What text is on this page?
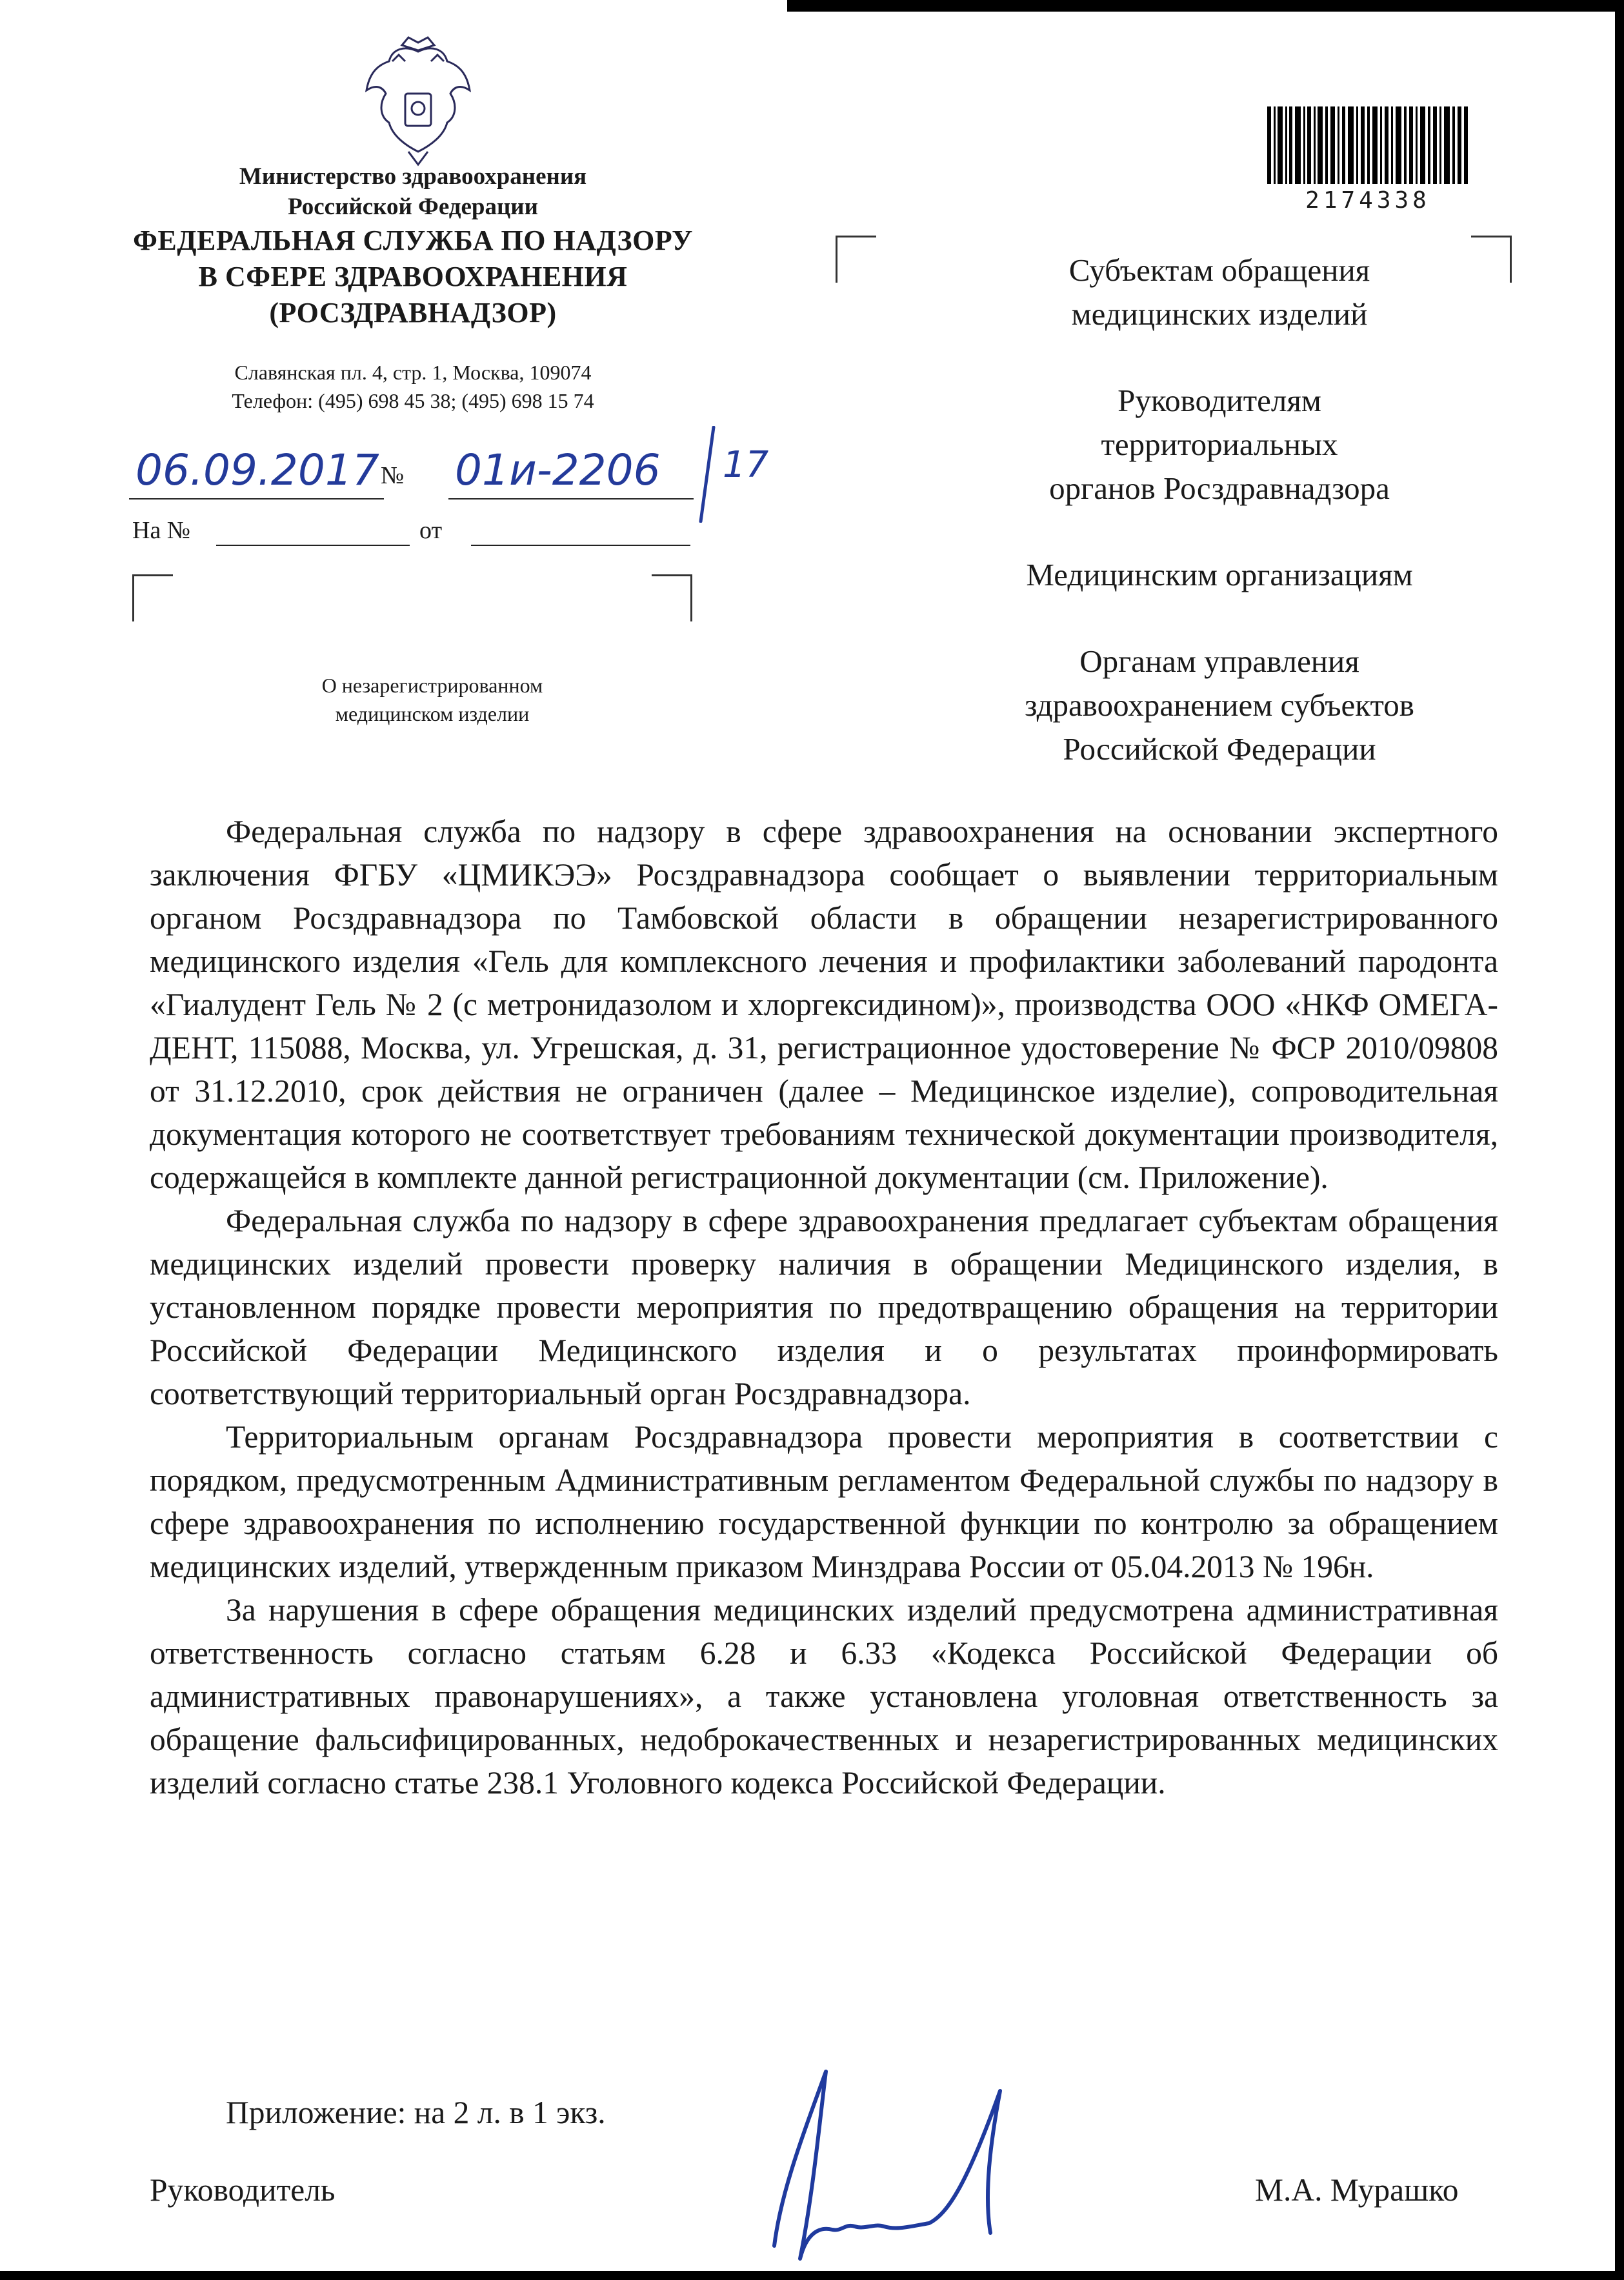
Министерство здравоохранения
Российской Федерации
ФЕДЕРАЛЬНАЯ СЛУЖБА ПО НАДЗОРУ
В СФЕРЕ ЗДРАВООХРАНЕНИЯ
(РОСЗДРАВНАДЗОР)
Славянская пл. 4, стр. 1, Москва, 109074
Телефон: (495) 698 45 38; (495) 698 15 74
06.09.2017 № 01и-2206 17
На №	от
О незарегистрированном
медицинском изделии
2174338
Субъектам обращения
медицинских изделий
Руководителям
территориальных
органов Росздравнадзора
Медицинским организациям
Органам управления
здравоохранением субъектов
Российской Федерации

Федеральная служба по надзору в сфере здравоохранения на основании экспертного заключения ФГБУ «ЦМИКЭЭ» Росздравнадзора сообщает о выявлении территориальным органом Росздравнадзора по Тамбовской области в обращении незарегистрированного медицинского изделия «Гель для комплексного лечения и профилактики заболеваний пародонта «Гиалудент Гель № 2 (с метронидазолом и хлоргексидином)», производства ООО «НКФ ОМЕГА-ДЕНТ, 115088, Москва, ул. Угрешская, д. 31, регистрационное удостоверение № ФСР 2010/09808 от 31.12.2010, срок действия не ограничен (далее – Медицинское изделие), сопроводительная документация которого не соответствует требованиям технической документации производителя, содержащейся в комплекте данной регистрационной документации (см. Приложение).

Федеральная служба по надзору в сфере здравоохранения предлагает субъектам обращения медицинских изделий провести проверку наличия в обращении Медицинского изделия, в установленном порядке провести мероприятия по предотвращению обращения на территории Российской Федерации Медицинского изделия и о результатах проинформировать соответствующий территориальный орган Росздравнадзора.

Территориальным органам Росздравнадзора провести мероприятия в соответствии с порядком, предусмотренным Административным регламентом Федеральной службы по надзору в сфере здравоохранения по исполнению государственной функции по контролю за обращением медицинских изделий, утвержденным приказом Минздрава России от 05.04.2013 № 196н.

За нарушения в сфере обращения медицинских изделий предусмотрена административная ответственность согласно статьям 6.28 и 6.33 «Кодекса Российской Федерации об административных правонарушениях», а также установлена уголовная ответственность за обращение фальсифицированных, недоброкачественных и незарегистрированных медицинских изделий согласно статье 238.1 Уголовного кодекса Российской Федерации.

Приложение: на 2 л. в 1 экз.
Руководитель	М.А. Мурашко
